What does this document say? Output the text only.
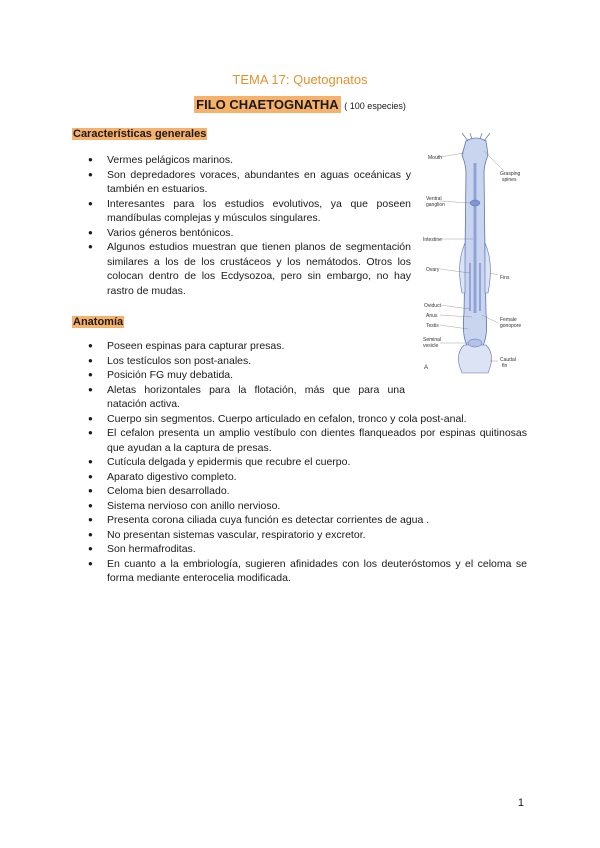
TEMA 17: Quetognatos
FILO CHAETOGNATHA ( 100 especies)
Características generales
● Vermes pelágicos marinos.
● Son depredadores voraces, abundantes en aguas oceánicas y también en estuarios.
● Interesantes para los estudios evolutivos, ya que poseen mandíbulas complejas y músculos singulares.
● Varios géneros bentónicos.
● Algunos estudios muestran que tienen planos de segmentación similares a los de los crustáceos y los nemátodos. Otros los colocan dentro de los Ecdysozoa, pero sin embargo, no hay rastro de mudas.
Anatomía
● Poseen espinas para capturar presas.
● Los testículos son post-anales.
● Posición FG muy debatida.
● Aletas horizontales para la flotación, más que para una natación activa.
● Cuerpo sin segmentos. Cuerpo articulado en cefalon, tronco y cola post-anal.
● El cefalon presenta un amplio vestíbulo con dientes flanqueados por espinas quitinosas que ayudan a la captura de presas.
● Cutícula delgada y epidermis que recubre el cuerpo.
● Aparato digestivo completo.
● Celoma bien desarrollado.
● Sistema nervioso con anillo nervioso.
● Presenta corona ciliada cuya función es detectar corrientes de agua .
● No presentan sistemas vascular, respiratorio y excretor.
● Son hermafroditas.
● En cuanto a la embriología, sugieren afinidades con los deuteróstomos y el celoma se forma mediante enterocelia modificada.
Mouth
Grasping
spines
Ventral
ganglion
Intestine
Ovary
Fins
Oviduct
Anus
Testis
Female
gonopore
Seminal
vesicle
Caudal
fin
A
1
